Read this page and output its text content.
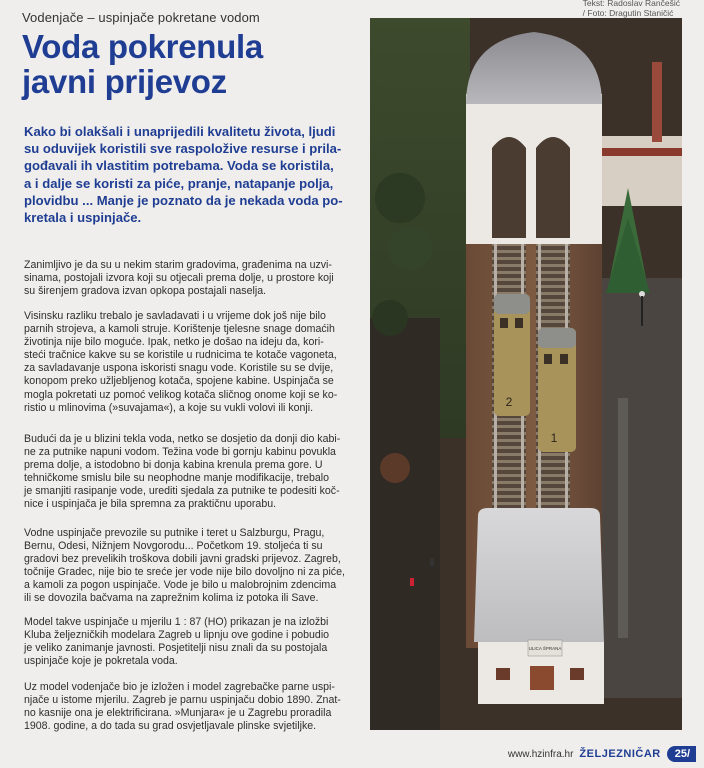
Vodenjače – uspinjače pokretane vodom
Voda pokrenula
javni prijevoz
Kako bi olakšali i unaprijedili kvalitetu života, ljudi
su oduvijek koristili sve raspoložive resurse i prila-
gođavali ih vlastitim potrebama. Voda se koristila,
a i dalje se koristi za piće, pranje, natapanje polja,
plovidbu ... Manje je poznato da je nekada voda po-
kretala i uspinjače.
Zanimljivo je da su u nekim starim gradovima, građenima na uzvi-
sinama, postojali izvora koji su otjecali prema dolje, u prostore koji
su širenjem gradova izvan opkopa postajali naselja.
Visinsku razliku trebalo je savladavati i u vrijeme dok još nije bilo
parnih strojeva, a kamoli struje. Korištenje tjelesne snage domaćih
životinja nije bilo moguće. Ipak, netko je došao na ideju da, kori-
steći tračnice kakve su se koristile u rudnicima te kotače vagoneta,
za savladavanje uspona iskoristi snagu vode. Koristile su se dvije,
konopom preko užljebljenog kotača, spojene kabine. Uspinjača se
mogla pokretati uz pomoć velikog kotača sličnog onome koji se ko-
ristio u mlinovima (»suvajama«), a koje su vukli volovi ili konji.
Budući da je u blizini tekla voda, netko se dosjetio da donji dio kabi-
ne za putnike napuni vodom. Težina vode bi gornju kabinu povukla
prema dolje, a istodobno bi donja kabina krenula prema gore. U
tehničkome smislu bile su neophodne manje modifikacije, trebalo
je smanjiti rasipanje vode, urediti sjedala za putnike te podesiti koč-
nice i uspinjača je bila spremna za praktičnu uporabu.
Vodne uspinjače prevozile su putnike i teret u Salzburgu, Pragu,
Bernu, Odesi, Nižnjem Novgorodu... Početkom 19. stoljeća ti su
gradovi bez prevelikih troškova dobili javni gradski prijevoz. Zagreb,
točnije Gradec, nije bio te sreće jer vode nije bilo dovoljno ni za piće,
a kamoli za pogon uspinjače. Vode je bilo u malobrojnim zdencima
ili se dovozila bačvama na zaprežnim kolima iz potoka ili Save.
Model takve uspinjače u mjerilu 1 : 87 (HO) prikazan je na izložbi
Kluba željezničkih modelara Zagreb u lipnju ove godine i pobudio
je veliko zanimanje javnosti. Posjetitelji nisu znali da su postojala
uspinjače koje je pokretala voda.
Uz model vodenjače bio je izložen i model zagrebačke parne uspi-
njače u istome mjerilu. Zagreb je parnu uspinjaču dobio 1890. Znat-
no kasnije ona je elektrificirana. »Munjara« je u Zagrebu proradila
1908. godine, a do tada su grad osvjetljavale plinske svjetiljke.
Tekst: Radoslav Rančešić
/ Foto: Dragutin Staničić
2
1
ULICA ŠPRANA
www.hzinfra.hr ŽELJEZNIČAR	25/
